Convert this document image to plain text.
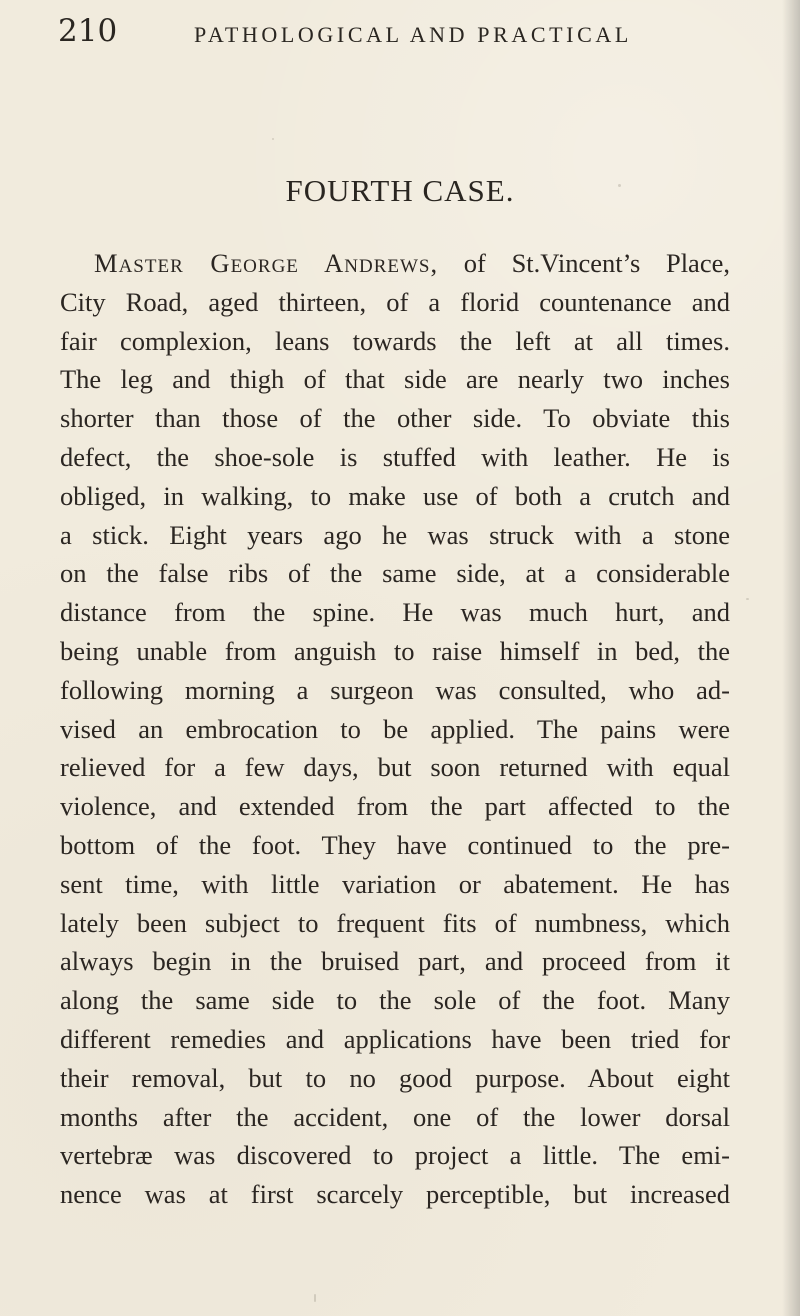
210	PATHOLOGICAL AND PRACTICAL
FOURTH CASE.
Master George Andrews, of St.Vincent’s Place,
City Road, aged thirteen, of a florid countenance and
fair complexion, leans towards the left at all times.
The leg and thigh of that side are nearly two inches
shorter than those of the other side. To obviate this
defect, the shoe-sole is stuffed with leather. He is
obliged, in walking, to make use of both a crutch and
a stick. Eight years ago he was struck with a stone
on the false ribs of the same side, at a considerable
distance from the spine. He was much hurt, and
being unable from anguish to raise himself in bed, the
following morning a surgeon was consulted, who ad-
vised an embrocation to be applied. The pains were
relieved for a few days, but soon returned with equal
violence, and extended from the part affected to the
bottom of the foot. They have continued to the pre-
sent time, with little variation or abatement. He has
lately been subject to frequent fits of numbness, which
always begin in the bruised part, and proceed from it
along the same side to the sole of the foot. Many
different remedies and applications have been tried for
their removal, but to no good purpose. About eight
months after the accident, one of the lower dorsal
vertebræ was discovered to project a little. The emi-
nence was at first scarcely perceptible, but increased
